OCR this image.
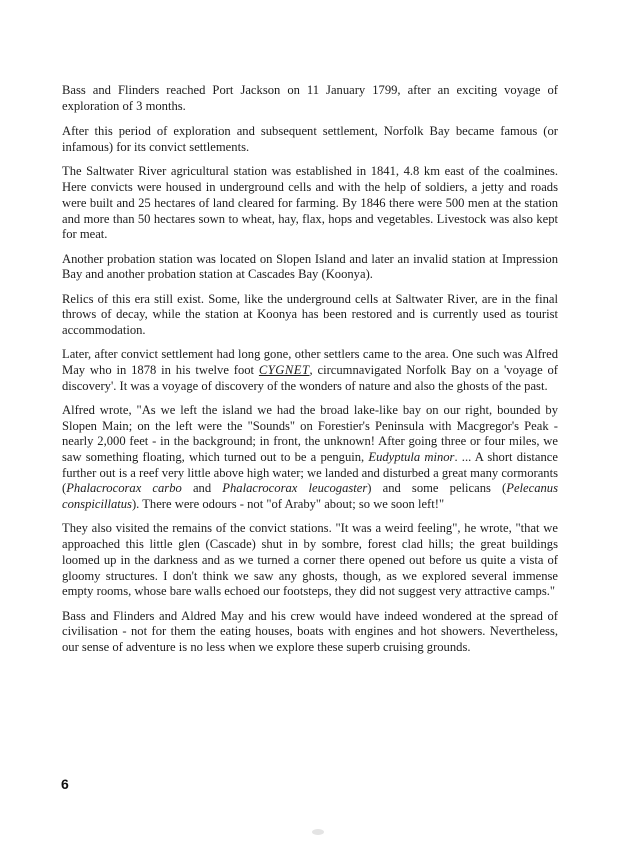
Bass and Flinders reached Port Jackson on 11 January 1799, after an exciting voyage of exploration of 3 months.

After this period of exploration and subsequent settlement, Norfolk Bay became famous (or infamous) for its convict settlements.

The Saltwater River agricultural station was established in 1841, 4.8 km east of the coalmines. Here convicts were housed in underground cells and with the help of soldiers, a jetty and roads were built and 25 hectares of land cleared for farming. By 1846 there were 500 men at the station and more than 50 hectares sown to wheat, hay, flax, hops and vegetables. Livestock was also kept for meat.

Another probation station was located on Slopen Island and later an invalid station at Impression Bay and another probation station at Cascades Bay (Koonya).

Relics of this era still exist. Some, like the underground cells at Saltwater River, are in the final throws of decay, while the station at Koonya has been restored and is currently used as tourist accommodation.

Later, after convict settlement had long gone, other settlers came to the area. One such was Alfred May who in 1878 in his twelve foot CYGNET, circumnavigated Norfolk Bay on a 'voyage of discovery'. It was a voyage of discovery of the wonders of nature and also the ghosts of the past.

Alfred wrote, "As we left the island we had the broad lake-like bay on our right, bounded by Slopen Main; on the left were the "Sounds" on Forestier's Peninsula with Macgregor's Peak - nearly 2,000 feet - in the background; in front, the unknown! After going three or four miles, we saw something floating, which turned out to be a penguin, Eudyptula minor. ... A short distance further out is a reef very little above high water; we landed and disturbed a great many cormorants (Phalacrocorax carbo and Phalacrocorax leucogaster) and some pelicans (Pelecanus conspicillatus). There were odours - not "of Araby" about; so we soon left!"

They also visited the remains of the convict stations. "It was a weird feeling", he wrote, "that we approached this little glen (Cascade) shut in by sombre, forest clad hills; the great buildings loomed up in the darkness and as we turned a corner there opened out before us quite a vista of gloomy structures. I don't think we saw any ghosts, though, as we explored several immense empty rooms, whose bare walls echoed our footsteps, they did not suggest very attractive camps."

Bass and Flinders and Aldred May and his crew would have indeed wondered at the spread of civilisation - not for them the eating houses, boats with engines and hot showers. Nevertheless, our sense of adventure is no less when we explore these superb cruising grounds.

6
